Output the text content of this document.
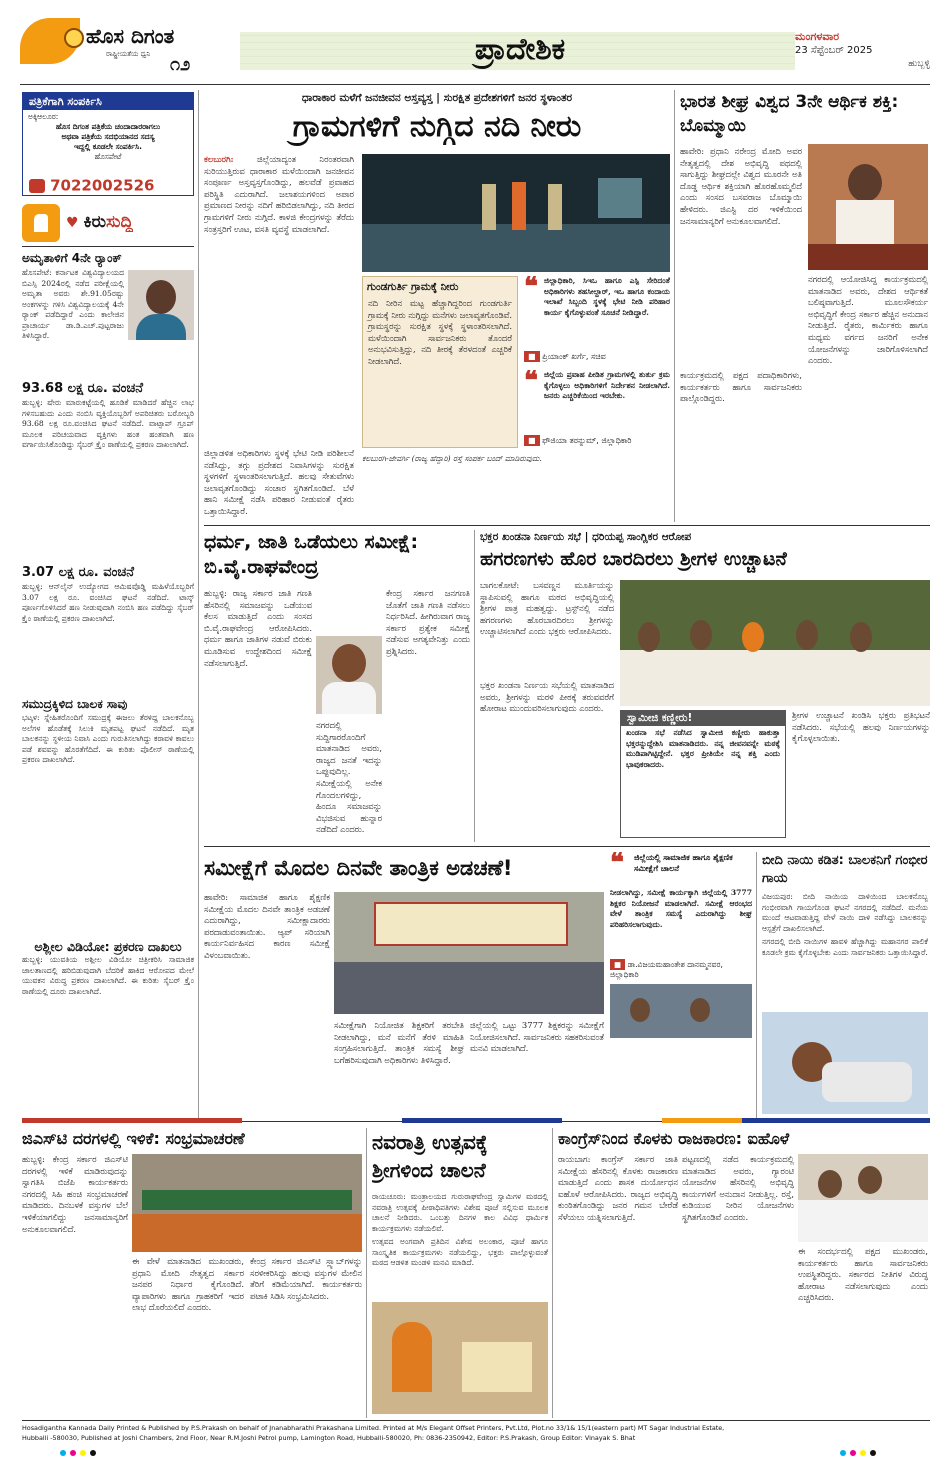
ಹೊಸ ದಿಗಂತ
ರಾಷ್ಟ್ರೀಯತೆಯ ಧ್ವನಿ ೧೨	ಪ್ರಾದೇಶಿಕ	ಮಂಗಳವಾರ
23 ಸೆಪ್ಟೆಂಬರ್ 2025
ಹುಬ್ಬಳ್ಳಿ
ಪತ್ರಿಕೆಗಾಗಿ ಸಂಪರ್ಕಿಸಿ
ಅಕ್ಕಿಆಲೂರ:
ಹೊಸ ದಿಗಂತ ಪತ್ರಿಕೆಯ ಚಂದಾದಾರರಾಗಲು
ಅಥವಾ ಪತ್ರಿಕೆಯ ಸದಭಿಯಾನದ ಸದಸ್ಯ
ಇದ್ದಲ್ಲಿ ಕೂಡಲೇ ಸಂಪರ್ಕಿಸಿ.
ಹೊಸಪೇಟೆ
7022002526
♥ ಕಿರುಸುದ್ದಿ
ಅಮೃತಾಳಿಗೆ 4ನೇ ರ್‍ಯಾಂಕ್
ಹೊಸಪೇಟೆ: ಕರ್ನಾಟಕ ವಿಶ್ವವಿದ್ಯಾಲಯದ ಬಿಎಸ್ಸಿ 2024ರಲ್ಲಿ ನಡೆದ ಪರೀಕ್ಷೆಯಲ್ಲಿ ಅಮೃತಾ ಅವರು ಶೇ.91.05ರಷ್ಟು ಅಂಕಗಳನ್ನು ಗಳಿಸಿ ವಿಶ್ವವಿದ್ಯಾಲಯಕ್ಕೆ 4ನೇ ರ್‍ಯಾಂಕ್ ಪಡೆದಿದ್ದಾರೆ ಎಂದು ಕಾಲೇಜಿನ ಪ್ರಾಚಾರ್ಯ ಡಾ.ಡಿ.ಎಚ್.ಪುಟ್ಟರಾಜು ತಿಳಿಸಿದ್ದಾರೆ.
93.68 ಲಕ್ಷ ರೂ. ವಂಚನೆ
ಹುಬ್ಬಳ್ಳಿ: ಷೇರು ಮಾರುಕಟ್ಟೆಯಲ್ಲಿ ಹೂಡಿಕೆ ಮಾಡಿದರೆ ಹೆಚ್ಚಿನ ಲಾಭ ಗಳಿಸಬಹುದು ಎಂದು ನಂಬಿಸಿ ವ್ಯಕ್ತಿಯೊಬ್ಬರಿಗೆ ಅಪರಿಚಿತರು ಬರೋಬ್ಬರಿ 93.68 ಲಕ್ಷ ರೂ.ವಂಚಿಸಿದ ಘಟನೆ ನಡೆದಿದೆ. ವಾಟ್ಸಾಪ್ ಗ್ರೂಪ್ ಮೂಲಕ ಪರಿಚಯವಾದ ವ್ಯಕ್ತಿಗಳು ಹಂತ ಹಂತವಾಗಿ ಹಣ ವರ್ಗಾಯಿಸಿಕೊಂಡಿದ್ದು ಸೈಬರ್ ಕ್ರೈಂ ಠಾಣೆಯಲ್ಲಿ ಪ್ರಕರಣ ದಾಖಲಾಗಿದೆ.
3.07 ಲಕ್ಷ ರೂ. ವಂಚನೆ
ಹುಬ್ಬಳ್ಳಿ: ಆನ್‌ಲೈನ್ ಉದ್ಯೋಗದ ಆಮಿಷವೊಡ್ಡಿ ಮಹಿಳೆಯೊಬ್ಬರಿಗೆ 3.07 ಲಕ್ಷ ರೂ. ವಂಚಿಸಿದ ಘಟನೆ ನಡೆದಿದೆ. ಟಾಸ್ಕ್ ಪೂರ್ಣಗೊಳಿಸಿದರೆ ಹಣ ನೀಡುವುದಾಗಿ ನಂಬಿಸಿ ಹಣ ಪಡೆದಿದ್ದು ಸೈಬರ್ ಕ್ರೈಂ ಠಾಣೆಯಲ್ಲಿ ಪ್ರಕರಣ ದಾಖಲಾಗಿದೆ.
ಸಮುದ್ರಕ್ಕಿಳಿದ ಬಾಲಕ ಸಾವು
ಭಟ್ಕಳ: ಸ್ನೇಹಿತರೊಂದಿಗೆ ಸಮುದ್ರಕ್ಕೆ ಈಜಲು ತೆರಳಿದ್ದ ಬಾಲಕನೊಬ್ಬ ಅಲೆಗಳ ಹೊಡೆತಕ್ಕೆ ಸಿಲುಕಿ ಮೃತಪಟ್ಟ ಘಟನೆ ನಡೆದಿದೆ. ಮೃತ ಬಾಲಕನನ್ನು ಸ್ಥಳೀಯ ನಿವಾಸಿ ಎಂದು ಗುರುತಿಸಲಾಗಿದ್ದು ಕರಾವಳಿ ಕಾವಲು ಪಡೆ ಶವವನ್ನು ಹೊರತೆಗೆದಿದೆ. ಈ ಕುರಿತು ಪೊಲೀಸ್ ಠಾಣೆಯಲ್ಲಿ ಪ್ರಕರಣ ದಾಖಲಾಗಿದೆ.
ಅಶ್ಲೀಲ ವಿಡಿಯೋ: ಪ್ರಕರಣ ದಾಖಲು
ಹುಬ್ಬಳ್ಳಿ: ಯುವತಿಯ ಅಶ್ಲೀಲ ವಿಡಿಯೋ ಚಿತ್ರೀಕರಿಸಿ ಸಾಮಾಜಿಕ ಜಾಲತಾಣದಲ್ಲಿ ಹರಿಬಿಡುವುದಾಗಿ ಬೆದರಿಕೆ ಹಾಕಿದ ಆರೋಪದ ಮೇಲೆ ಯುವಕನ ವಿರುದ್ಧ ಪ್ರಕರಣ ದಾಖಲಾಗಿದೆ. ಈ ಕುರಿತು ಸೈಬರ್ ಕ್ರೈಂ ಠಾಣೆಯಲ್ಲಿ ದೂರು ದಾಖಲಾಗಿದೆ.
ಧಾರಾಕಾರ ಮಳೆಗೆ ಜನಜೀವನ ಅಸ್ತವ್ಯಸ್ತ | ಸುರಕ್ಷಿತ ಪ್ರದೇಶಗಳಿಗೆ ಜನರ ಸ್ಥಳಾಂತರ
ಗ್ರಾಮಗಳಿಗೆ ನುಗ್ಗಿದ ನದಿ ನೀರು
ಕಲಬುರಗಿ:	ಜಿಲ್ಲೆಯಾದ್ಯಂತ ನಿರಂತರವಾಗಿ ಸುರಿಯುತ್ತಿರುವ ಧಾರಾಕಾರ ಮಳೆಯಿಂದಾಗಿ ಜನಜೀವನ ಸಂಪೂರ್ಣ ಅಸ್ತವ್ಯಸ್ತಗೊಂಡಿದ್ದು, ಹಲವೆಡೆ ಪ್ರವಾಹದ ಪರಿಸ್ಥಿತಿ ಎದುರಾಗಿದೆ. ಜಲಾಶಯಗಳಿಂದ ಅಪಾರ ಪ್ರಮಾಣದ ನೀರನ್ನು ನದಿಗೆ ಹರಿಬಿಡಲಾಗಿದ್ದು, ನದಿ ತೀರದ ಗ್ರಾಮಗಳಿಗೆ ನೀರು ನುಗ್ಗಿದೆ. ಕಾಳಜಿ ಕೇಂದ್ರಗಳನ್ನು ತೆರೆದು ಸಂತ್ರಸ್ತರಿಗೆ ಊಟ, ವಸತಿ ವ್ಯವಸ್ಥೆ ಮಾಡಲಾಗಿದೆ.
ಜಿಲ್ಲಾಡಳಿತ ಅಧಿಕಾರಿಗಳು ಸ್ಥಳಕ್ಕೆ ಭೇಟಿ ನೀಡಿ ಪರಿಶೀಲನೆ ನಡೆಸಿದ್ದು, ತಗ್ಗು ಪ್ರದೇಶದ ನಿವಾಸಿಗಳನ್ನು ಸುರಕ್ಷಿತ ಸ್ಥಳಗಳಿಗೆ ಸ್ಥಳಾಂತರಿಸಲಾಗುತ್ತಿದೆ. ಹಲವು ಸೇತುವೆಗಳು ಜಲಾವೃತಗೊಂಡಿದ್ದು ಸಂಚಾರ ಸ್ಥಗಿತಗೊಂಡಿದೆ. ಬೆಳೆ ಹಾನಿ ಸಮೀಕ್ಷೆ ನಡೆಸಿ ಪರಿಹಾರ ನೀಡುವಂತೆ ರೈತರು ಒತ್ತಾಯಿಸಿದ್ದಾರೆ.
ಗುಂಡಗುರ್ತಿ ಗ್ರಾಮಕ್ಕೆ ನೀರು
ನದಿ ನೀರಿನ ಮಟ್ಟ ಹೆಚ್ಚಾಗಿದ್ದರಿಂದ ಗುಂಡಗುರ್ತಿ ಗ್ರಾಮಕ್ಕೆ ನೀರು ನುಗ್ಗಿದ್ದು ಮನೆಗಳು ಜಲಾವೃತಗೊಂಡಿವೆ. ಗ್ರಾಮಸ್ಥರನ್ನು ಸುರಕ್ಷಿತ ಸ್ಥಳಕ್ಕೆ ಸ್ಥಳಾಂತರಿಸಲಾಗಿದೆ. ಮಳೆಯಿಂದಾಗಿ ಸಾರ್ವಜನಿಕರು ತೊಂದರೆ ಅನುಭವಿಸುತ್ತಿದ್ದು, ನದಿ ತೀರಕ್ಕೆ ತೆರಳದಂತೆ ಎಚ್ಚರಿಕೆ ನೀಡಲಾಗಿದೆ.
❝ ಜಿಲ್ಲಾಧಿಕಾರಿ, ಸಿಇಒ ಹಾಗೂ ಎಸ್ಪಿ ಸೇರಿದಂತೆ ಅಧಿಕಾರಿಗಳು ತಹಸೀಲ್ದಾರ್, ಇಒ ಹಾಗೂ ಕಂದಾಯ ಇಲಾಖೆ ಸಿಬ್ಬಂದಿ ಸ್ಥಳಕ್ಕೆ ಭೇಟಿ ನೀಡಿ ಪರಿಹಾರ ಕಾರ್ಯ ಕೈಗೊಳ್ಳುವಂತೆ ಸೂಚನೆ ನೀಡಿದ್ದಾರೆ.
■ ಪ್ರಿಯಾಂಕ್ ಖರ್ಗೆ, ಸಚಿವ
❝ ಜಿಲ್ಲೆಯ ಪ್ರವಾಹ ಪೀಡಿತ ಗ್ರಾಮಗಳಲ್ಲಿ ತುರ್ತು ಕ್ರಮ ಕೈಗೊಳ್ಳಲು ಅಧಿಕಾರಿಗಳಿಗೆ ನಿರ್ದೇಶನ ನೀಡಲಾಗಿದೆ. ಜನರು ಎಚ್ಚರಿಕೆಯಿಂದ ಇರಬೇಕು.
■ ಫೌಜಿಯಾ ತರನ್ನುಮ್, ಜಿಲ್ಲಾಧಿಕಾರಿ
ಕಲಬುರಗಿ-ಜೇವರ್ಗಿ (ರಾಜ್ಯ ಹೆದ್ದಾರಿ) ರಸ್ತೆ ಸಂಪರ್ಕ ಬಂದ್ ಮಾಡಿರುವುದು.
ಭಾರತ ಶೀಘ್ರ ವಿಶ್ವದ 3ನೇ ಆರ್ಥಿಕ ಶಕ್ತಿ: ಬೊಮ್ಮಾಯಿ
ಹಾವೇರಿ: ಪ್ರಧಾನಿ ನರೇಂದ್ರ ಮೋದಿ ಅವರ ನೇತೃತ್ವದಲ್ಲಿ ದೇಶ ಅಭಿವೃದ್ಧಿ ಪಥದಲ್ಲಿ ಸಾಗುತ್ತಿದ್ದು ಶೀಘ್ರದಲ್ಲೇ ವಿಶ್ವದ ಮೂರನೇ ಅತಿ ದೊಡ್ಡ ಆರ್ಥಿಕ ಶಕ್ತಿಯಾಗಿ ಹೊರಹೊಮ್ಮಲಿದೆ ಎಂದು ಸಂಸದ ಬಸವರಾಜ ಬೊಮ್ಮಾಯಿ ಹೇಳಿದರು. ಜಿಎಸ್ಟಿ ದರ ಇಳಿಕೆಯಿಂದ ಜನಸಾಮಾನ್ಯರಿಗೆ ಅನುಕೂಲವಾಗಲಿದೆ.
ನಗರದಲ್ಲಿ ಆಯೋಜಿಸಿದ್ದ ಕಾರ್ಯಕ್ರಮದಲ್ಲಿ ಮಾತನಾಡಿದ ಅವರು, ದೇಶದ ಆರ್ಥಿಕತೆ ಬಲಿಷ್ಠವಾಗುತ್ತಿದೆ. ಮೂಲಸೌಕರ್ಯ ಅಭಿವೃದ್ಧಿಗೆ ಕೇಂದ್ರ ಸರ್ಕಾರ ಹೆಚ್ಚಿನ ಅನುದಾನ ನೀಡುತ್ತಿದೆ. ರೈತರು, ಕಾರ್ಮಿಕರು ಹಾಗೂ ಮಧ್ಯಮ ವರ್ಗದ ಜನರಿಗೆ ಅನೇಕ ಯೋಜನೆಗಳನ್ನು ಜಾರಿಗೊಳಿಸಲಾಗಿದೆ ಎಂದರು.
ಕಾರ್ಯಕ್ರಮದಲ್ಲಿ ಪಕ್ಷದ ಪದಾಧಿಕಾರಿಗಳು, ಕಾರ್ಯಕರ್ತರು ಹಾಗೂ ಸಾರ್ವಜನಿಕರು ಪಾಲ್ಗೊಂಡಿದ್ದರು.
ಧರ್ಮ, ಜಾತಿ ಒಡೆಯಲು ಸಮೀಕ್ಷೆ: ಬಿ.ವೈ.ರಾಘವೇಂದ್ರ
ಹುಬ್ಬಳ್ಳಿ: ರಾಜ್ಯ ಸರ್ಕಾರ ಜಾತಿ ಗಣತಿ ಹೆಸರಿನಲ್ಲಿ ಸಮಾಜವನ್ನು ಒಡೆಯುವ ಕೆಲಸ ಮಾಡುತ್ತಿದೆ ಎಂದು ಸಂಸದ ಬಿ.ವೈ.ರಾಘವೇಂದ್ರ ಆರೋಪಿಸಿದರು. ಧರ್ಮ ಹಾಗೂ ಜಾತಿಗಳ ನಡುವೆ ಬಿರುಕು ಮೂಡಿಸುವ ಉದ್ದೇಶದಿಂದ ಸಮೀಕ್ಷೆ ನಡೆಸಲಾಗುತ್ತಿದೆ.
ನಗರದಲ್ಲಿ ಸುದ್ದಿಗಾರರೊಂದಿಗೆ ಮಾತನಾಡಿದ ಅವರು, ರಾಜ್ಯದ ಜನತೆ ಇದನ್ನು ಒಪ್ಪುವುದಿಲ್ಲ. ಸಮೀಕ್ಷೆಯಲ್ಲಿ ಅನೇಕ ಗೊಂದಲಗಳಿದ್ದು, ಹಿಂದೂ ಸಮಾಜವನ್ನು ವಿಭಜಿಸುವ ಹುನ್ನಾರ ನಡೆದಿದೆ ಎಂದರು.
ಕೇಂದ್ರ ಸರ್ಕಾರ ಜನಗಣತಿ ಜೊತೆಗೆ ಜಾತಿ ಗಣತಿ ನಡೆಸಲು ನಿರ್ಧರಿಸಿದೆ. ಹೀಗಿರುವಾಗ ರಾಜ್ಯ ಸರ್ಕಾರ ಪ್ರತ್ಯೇಕ ಸಮೀಕ್ಷೆ ನಡೆಸುವ ಅಗತ್ಯವೇನಿತ್ತು ಎಂದು ಪ್ರಶ್ನಿಸಿದರು.
ಭಕ್ತರ ಖಂಡನಾ ನಿರ್ಣಯ ಸಭೆ | ಧರಿಯಪ್ಪ ಸಾಂಗ್ಲಿಕರ ಆರೋಪ
ಹಗರಣಗಳು ಹೊರ ಬಾರದಿರಲು ಶ್ರೀಗಳ ಉಚ್ಚಾಟನೆ
ಬಾಗಲಕೋಟೆ: ಬಸವಣ್ಣನ ಮೂರ್ತಿಯನ್ನು ಸ್ಥಾಪಿಸುವಲ್ಲಿ ಹಾಗೂ ಮಠದ ಅಭಿವೃದ್ಧಿಯಲ್ಲಿ ಶ್ರೀಗಳ ಪಾತ್ರ ಮಹತ್ವದ್ದು. ಟ್ರಸ್ಟ್‌ನಲ್ಲಿ ನಡೆದ ಹಗರಣಗಳು ಹೊರಬಾರದಿರಲು ಶ್ರೀಗಳನ್ನು ಉಚ್ಚಾಟಿಸಲಾಗಿದೆ ಎಂದು ಭಕ್ತರು ಆರೋಪಿಸಿದರು.
ಭಕ್ತರ ಖಂಡನಾ ನಿರ್ಣಯ ಸಭೆಯಲ್ಲಿ ಮಾತನಾಡಿದ ಅವರು, ಶ್ರೀಗಳನ್ನು ಮರಳಿ ಪೀಠಕ್ಕೆ ತರುವವರೆಗೆ ಹೋರಾಟ ಮುಂದುವರಿಸಲಾಗುವುದು ಎಂದರು.
ಸ್ವಾಮೀಜಿ ಕಣ್ಣೀರು!
ಖಂಡನಾ ಸಭೆ ನಡೆಸಿದ ಸ್ವಾಮೀಜಿ ಕಣ್ಣೀರು ಹಾಕುತ್ತಾ ಭಕ್ತರನ್ನುದ್ದೇಶಿಸಿ ಮಾತನಾಡಿದರು. ನನ್ನ ಜೀವನವನ್ನೇ ಮಠಕ್ಕೆ ಮುಡಿಪಾಗಿಟ್ಟಿದ್ದೇನೆ. ಭಕ್ತರ ಪ್ರೀತಿಯೇ ನನ್ನ ಶಕ್ತಿ ಎಂದು ಭಾವುಕರಾದರು.
ಶ್ರೀಗಳ ಉಚ್ಚಾಟನೆ ಖಂಡಿಸಿ ಭಕ್ತರು ಪ್ರತಿಭಟನೆ ನಡೆಸಿದರು. ಸಭೆಯಲ್ಲಿ ಹಲವು ನಿರ್ಣಯಗಳನ್ನು ಕೈಗೊಳ್ಳಲಾಯಿತು.
ಸಮೀಕ್ಷೆಗೆ ಮೊದಲ ದಿನವೇ ತಾಂತ್ರಿಕ ಅಡಚಣೆ!
ಹಾವೇರಿ: ಸಾಮಾಜಿಕ ಹಾಗೂ ಶೈಕ್ಷಣಿಕ ಸಮೀಕ್ಷೆಯ ಮೊದಲ ದಿನವೇ ತಾಂತ್ರಿಕ ಅಡಚಣೆ ಎದುರಾಗಿದ್ದು, ಸಮೀಕ್ಷಾದಾರರು ಪರದಾಡುವಂತಾಯಿತು. ಆ್ಯಪ್ ಸರಿಯಾಗಿ ಕಾರ್ಯನಿರ್ವಹಿಸದ ಕಾರಣ ಸಮೀಕ್ಷೆ ವಿಳಂಬವಾಯಿತು.
ಸಮೀಕ್ಷೆಗಾಗಿ ನಿಯೋಜಿತ ಶಿಕ್ಷಕರಿಗೆ ತರಬೇತಿ ನೀಡಲಾಗಿದ್ದು, ಮನೆ ಮನೆಗೆ ತೆರಳಿ ಮಾಹಿತಿ ಸಂಗ್ರಹಿಸಲಾಗುತ್ತಿದೆ. ತಾಂತ್ರಿಕ ಸಮಸ್ಯೆ ಶೀಘ್ರ ಬಗೆಹರಿಸುವುದಾಗಿ ಅಧಿಕಾರಿಗಳು ತಿಳಿಸಿದ್ದಾರೆ.
ಜಿಲ್ಲೆಯಲ್ಲಿ ಒಟ್ಟು 3777 ಶಿಕ್ಷಕರನ್ನು ಸಮೀಕ್ಷೆಗೆ ನಿಯೋಜಿಸಲಾಗಿದೆ. ಸಾರ್ವಜನಿಕರು ಸಹಕರಿಸುವಂತೆ ಮನವಿ ಮಾಡಲಾಗಿದೆ.
❝ ಜಿಲ್ಲೆಯಲ್ಲಿ ಸಾಮಾಜಿಕ ಹಾಗೂ ಶೈಕ್ಷಣಿಕ ಸಮೀಕ್ಷೆಗೆ ಚಾಲನೆ
ನೀಡಲಾಗಿದ್ದು, ಸಮೀಕ್ಷೆ ಕಾರ್ಯಕ್ಕಾಗಿ ಜಿಲ್ಲೆಯಲ್ಲಿ 3777 ಶಿಕ್ಷಕರ ನಿಯೋಜನೆ ಮಾಡಲಾಗಿದೆ. ಸಮೀಕ್ಷೆ ಆರಂಭದ ವೇಳೆ ತಾಂತ್ರಿಕ ಸಮಸ್ಯೆ ಎದುರಾಗಿದ್ದು ಶೀಘ್ರ ಪರಿಹರಿಸಲಾಗುವುದು.
■ ಡಾ.ವಿಜಯಮಹಾಂತೇಶ ದಾನಮ್ಮನವರ, ಜಿಲ್ಲಾಧಿಕಾರಿ
ಬೀದಿ ನಾಯಿ ಕಡಿತ: ಬಾಲಕನಿಗೆ ಗಂಭೀರ ಗಾಯ
ವಿಜಯಪುರ: ಬೀದಿ ನಾಯಿಯ ದಾಳಿಯಿಂದ ಬಾಲಕನೊಬ್ಬ ಗಂಭೀರವಾಗಿ ಗಾಯಗೊಂಡ ಘಟನೆ ನಗರದಲ್ಲಿ ನಡೆದಿದೆ. ಮನೆಯ ಮುಂದೆ ಆಟವಾಡುತ್ತಿದ್ದ ವೇಳೆ ನಾಯಿ ದಾಳಿ ನಡೆಸಿದ್ದು ಬಾಲಕನನ್ನು ಆಸ್ಪತ್ರೆಗೆ ದಾಖಲಿಸಲಾಗಿದೆ.
ನಗರದಲ್ಲಿ ಬೀದಿ ನಾಯಿಗಳ ಹಾವಳಿ ಹೆಚ್ಚಾಗಿದ್ದು ಮಹಾನಗರ ಪಾಲಿಕೆ ಕೂಡಲೇ ಕ್ರಮ ಕೈಗೊಳ್ಳಬೇಕು ಎಂದು ಸಾರ್ವಜನಿಕರು ಒತ್ತಾಯಿಸಿದ್ದಾರೆ.
ಜಿಎಸ್‌ಟಿ ದರಗಳಲ್ಲಿ ಇಳಿಕೆ: ಸಂಭ್ರಮಾಚರಣೆ
ಹುಬ್ಬಳ್ಳಿ: ಕೇಂದ್ರ ಸರ್ಕಾರ ಜಿಎಸ್‌ಟಿ ದರಗಳಲ್ಲಿ ಇಳಿಕೆ ಮಾಡಿರುವುದನ್ನು ಸ್ವಾಗತಿಸಿ ಬಿಜೆಪಿ ಕಾರ್ಯಕರ್ತರು ನಗರದಲ್ಲಿ ಸಿಹಿ ಹಂಚಿ ಸಂಭ್ರಮಾಚರಣೆ ಮಾಡಿದರು. ದಿನಬಳಕೆ ವಸ್ತುಗಳ ಬೆಲೆ ಇಳಿಕೆಯಾಗಲಿದ್ದು ಜನಸಾಮಾನ್ಯರಿಗೆ ಅನುಕೂಲವಾಗಲಿದೆ.
ಈ ವೇಳೆ ಮಾತನಾಡಿದ ಮುಖಂಡರು, ಪ್ರಧಾನಿ ಮೋದಿ ನೇತೃತ್ವದ ಸರ್ಕಾರ ಜನಪರ ನಿರ್ಧಾರ ಕೈಗೊಂಡಿದೆ. ವ್ಯಾಪಾರಿಗಳು ಹಾಗೂ ಗ್ರಾಹಕರಿಗೆ ಇದರ ಲಾಭ ದೊರೆಯಲಿದೆ ಎಂದರು.
ಕೇಂದ್ರ ಸರ್ಕಾರ ಜಿಎಸ್‌ಟಿ ಸ್ಲ್ಯಾಬ್‌ಗಳನ್ನು ಸರಳೀಕರಿಸಿದ್ದು ಹಲವು ವಸ್ತುಗಳ ಮೇಲಿನ ತೆರಿಗೆ ಕಡಿಮೆಯಾಗಿದೆ. ಕಾರ್ಯಕರ್ತರು ಪಟಾಕಿ ಸಿಡಿಸಿ ಸಂಭ್ರಮಿಸಿದರು.
ನವರಾತ್ರಿ ಉತ್ಸವಕ್ಕೆ ಶ್ರೀಗಳಿಂದ ಚಾಲನೆ
ರಾಯಚೂರು: ಮಂತ್ರಾಲಯದ ಗುರುರಾಘವೇಂದ್ರ ಸ್ವಾಮಿಗಳ ಮಠದಲ್ಲಿ ನವರಾತ್ರಿ ಉತ್ಸವಕ್ಕೆ ಪೀಠಾಧಿಪತಿಗಳು ವಿಶೇಷ ಪೂಜೆ ಸಲ್ಲಿಸುವ ಮೂಲಕ ಚಾಲನೆ ನೀಡಿದರು. ಒಂಬತ್ತು ದಿನಗಳ ಕಾಲ ವಿವಿಧ ಧಾರ್ಮಿಕ ಕಾರ್ಯಕ್ರಮಗಳು ನಡೆಯಲಿವೆ.
ಉತ್ಸವದ ಅಂಗವಾಗಿ ಪ್ರತಿದಿನ ವಿಶೇಷ ಅಲಂಕಾರ, ಪೂಜೆ ಹಾಗೂ ಸಾಂಸ್ಕೃತಿಕ ಕಾರ್ಯಕ್ರಮಗಳು ನಡೆಯಲಿದ್ದು, ಭಕ್ತರು ಪಾಲ್ಗೊಳ್ಳುವಂತೆ ಮಠದ ಆಡಳಿತ ಮಂಡಳಿ ಮನವಿ ಮಾಡಿದೆ.
ಕಾಂಗ್ರೆಸ್‌ನಿಂದ ಕೊಳಕು ರಾಜಕಾರಣ: ಐಹೊಳೆ
ರಾಯಬಾಗ: ಕಾಂಗ್ರೆಸ್ ಸರ್ಕಾರ ಜಾತಿ ಸಮೀಕ್ಷೆಯ ಹೆಸರಿನಲ್ಲಿ ಕೊಳಕು ರಾಜಕಾರಣ ಮಾಡುತ್ತಿದೆ ಎಂದು ಶಾಸಕ ದುರ್ಯೋಧನ ಐಹೊಳೆ ಆರೋಪಿಸಿದರು. ರಾಜ್ಯದ ಅಭಿವೃದ್ಧಿ ಕುಂಠಿತಗೊಂಡಿದ್ದು ಜನರ ಗಮನ ಬೇರೆಡೆ ಸೆಳೆಯಲು ಯತ್ನಿಸಲಾಗುತ್ತಿದೆ.
ಪಟ್ಟಣದಲ್ಲಿ ನಡೆದ ಕಾರ್ಯಕ್ರಮದಲ್ಲಿ ಮಾತನಾಡಿದ ಅವರು, ಗ್ಯಾರಂಟಿ ಯೋಜನೆಗಳ ಹೆಸರಿನಲ್ಲಿ ಅಭಿವೃದ್ಧಿ ಕಾರ್ಯಗಳಿಗೆ ಅನುದಾನ ನೀಡುತ್ತಿಲ್ಲ. ರಸ್ತೆ, ಕುಡಿಯುವ ನೀರಿನ ಯೋಜನೆಗಳು ಸ್ಥಗಿತಗೊಂಡಿವೆ ಎಂದರು.
ಈ ಸಂದರ್ಭದಲ್ಲಿ ಪಕ್ಷದ ಮುಖಂಡರು, ಕಾರ್ಯಕರ್ತರು ಹಾಗೂ ಸಾರ್ವಜನಿಕರು ಉಪಸ್ಥಿತರಿದ್ದರು. ಸರ್ಕಾರದ ನೀತಿಗಳ ವಿರುದ್ಧ ಹೋರಾಟ ನಡೆಸಲಾಗುವುದು ಎಂದು ಎಚ್ಚರಿಸಿದರು.
Hosadigantha Kannada Daily Printed & Published by P.S.Prakash on behalf of Jnanabharathi Prakashana Limited. Printed at M/s Elegant Offset Printers, Pvt.Ltd, Plot.no 33/1& 15/1(eastern part) MT Sagar Industrial Estate,
Hubballi -580030, Published at Joshi Chambers, 2nd Floor, Near R.M.Joshi Petrol pump, Lamington Road, Hubballi-580020, Ph: 0836-2350942, Editor: P.S.Prakash, Group Editor: Vinayak S. Bhat
